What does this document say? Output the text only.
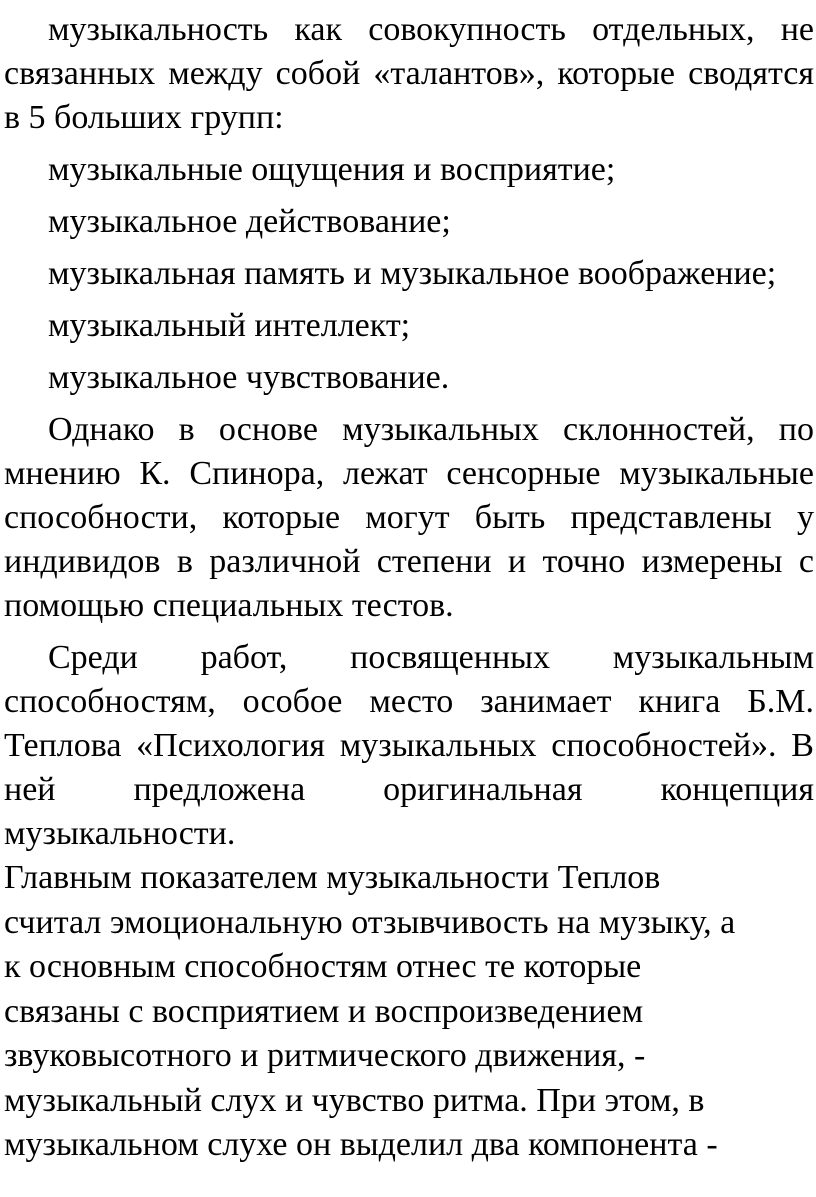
музыкальность как совокупность отдельных, не связанных между собой «талантов», которые сводятся в 5 больших групп:

музыкальные ощущения и восприятие;

музыкальное действование;

музыкальная память и музыкальное воображение;

музыкальный интеллект;

музыкальное чувствование.

Однако в основе музыкальных склонностей, по мнению К. Спинора, лежат сенсорные музыкальные способности, которые могут быть представлены у индивидов в различной степени и точно измерены с помощью специальных тестов.

Среди работ, посвященных музыкальным способностям, особое место занимает книга Б.М. Теплова «Психология музыкальных способностей». В ней предложена оригинальная концепция музыкальности.

Главным показателем музыкальности Теплов
считал эмоциональную отзывчивость на музыку, а
к основным способностям отнес те которые
связаны с восприятием и воспроизведением
звуковысотного и ритмического движения, -
музыкальный слух и чувство ритма. При этом, в
музыкальном слухе он выделил два компонента -
